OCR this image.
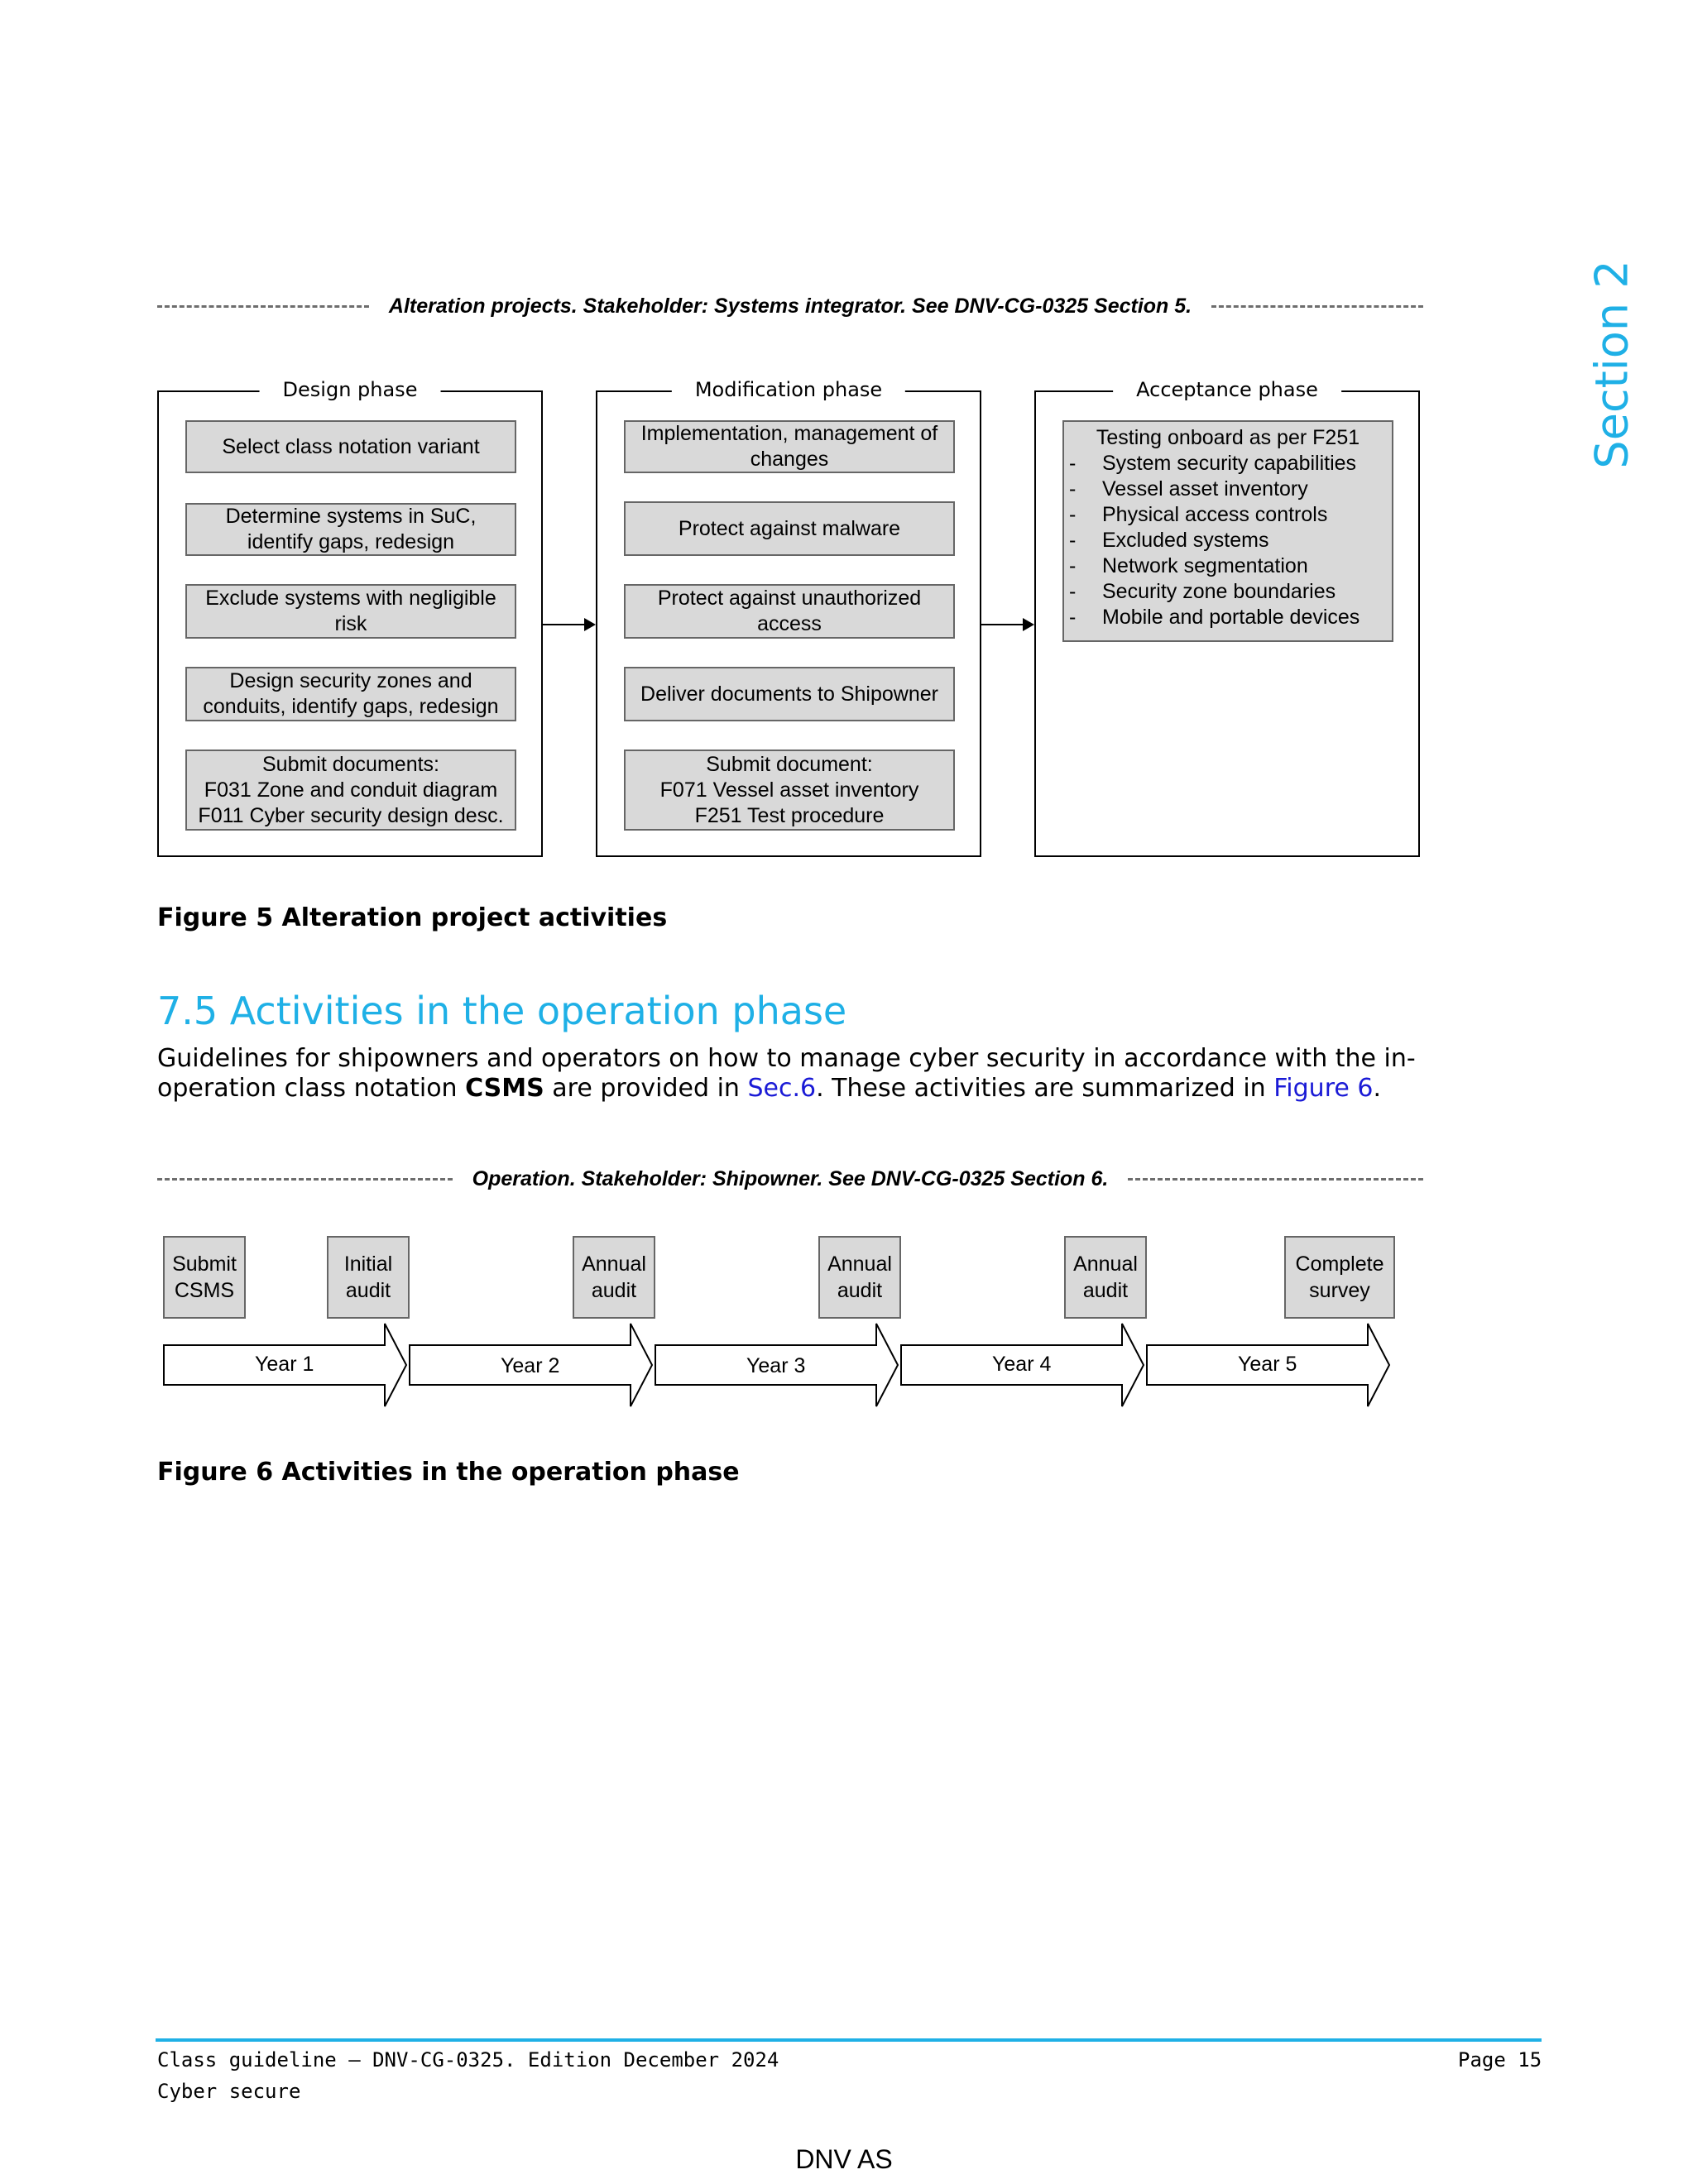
Section 2
Alteration projects. Stakeholder: Systems integrator. See DNV-CG-0325 Section 5.
Design phase
Select class notation variant
Determine systems in SuC, identify gaps, redesign
Exclude systems with negligible risk
Design security zones and conduits, identify gaps, redesign
Submit documents:
F031 Zone and conduit diagram
F011 Cyber security design desc.
Modification phase
Implementation, management of changes
Protect against malware
Protect against unauthorized access
Deliver documents to Shipowner
Submit document:
F071 Vessel asset inventory
F251 Test procedure
Acceptance phase
Testing onboard as per F251
-	System security capabilities
-	Vessel asset inventory
-	Physical access controls
-	Excluded systems
-	Network segmentation
-	Security zone boundaries
-	Mobile and portable devices
Figure 5 Alteration project activities
7.5 Activities in the operation phase
Guidelines for shipowners and operators on how to manage cyber security in accordance with the in-operation class notation CSMS are provided in Sec.6. These activities are summarized in Figure 6.
Operation. Stakeholder: Shipowner. See DNV-CG-0325 Section 6.
Submit
CSMS
Initial
audit
Annual
audit
Annual
audit
Annual
audit
Complete
survey
Year 1	Year 2	Year 3	Year 4	Year 5
Figure 6 Activities in the operation phase
Class guideline — DNV-CG-0325. Edition December 2024
Cyber secure
Page 15
DNV AS
